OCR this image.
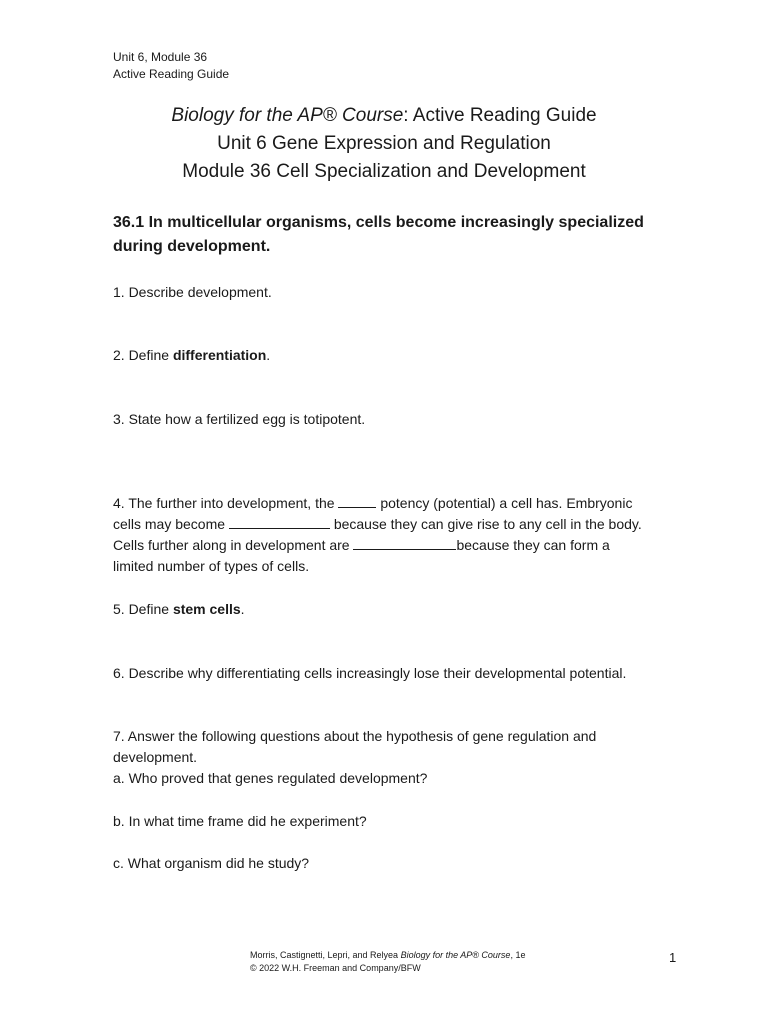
Unit 6, Module 36
Active Reading Guide
Biology for the AP® Course: Active Reading Guide
Unit 6 Gene Expression and Regulation
Module 36 Cell Specialization and Development
36.1 In multicellular organisms, cells become increasingly specialized
during development.
1. Describe development.
2. Define differentiation.
3. State how a fertilized egg is totipotent.
4. The further into development, the	potency (potential) a cell has. Embryonic
cells may become	because they can give rise to any cell in the body.
Cells further along in development are	because they can form a
limited number of types of cells.
5. Define stem cells.
6. Describe why differentiating cells increasingly lose their developmental potential.
7. Answer the following questions about the hypothesis of gene regulation and
development.
a. Who proved that genes regulated development?
b. In what time frame did he experiment?
c. What organism did he study?
Morris, Castignetti, Lepri, and Relyea Biology for the AP® Course, 1e
© 2022 W.H. Freeman and Company/BFW
1
